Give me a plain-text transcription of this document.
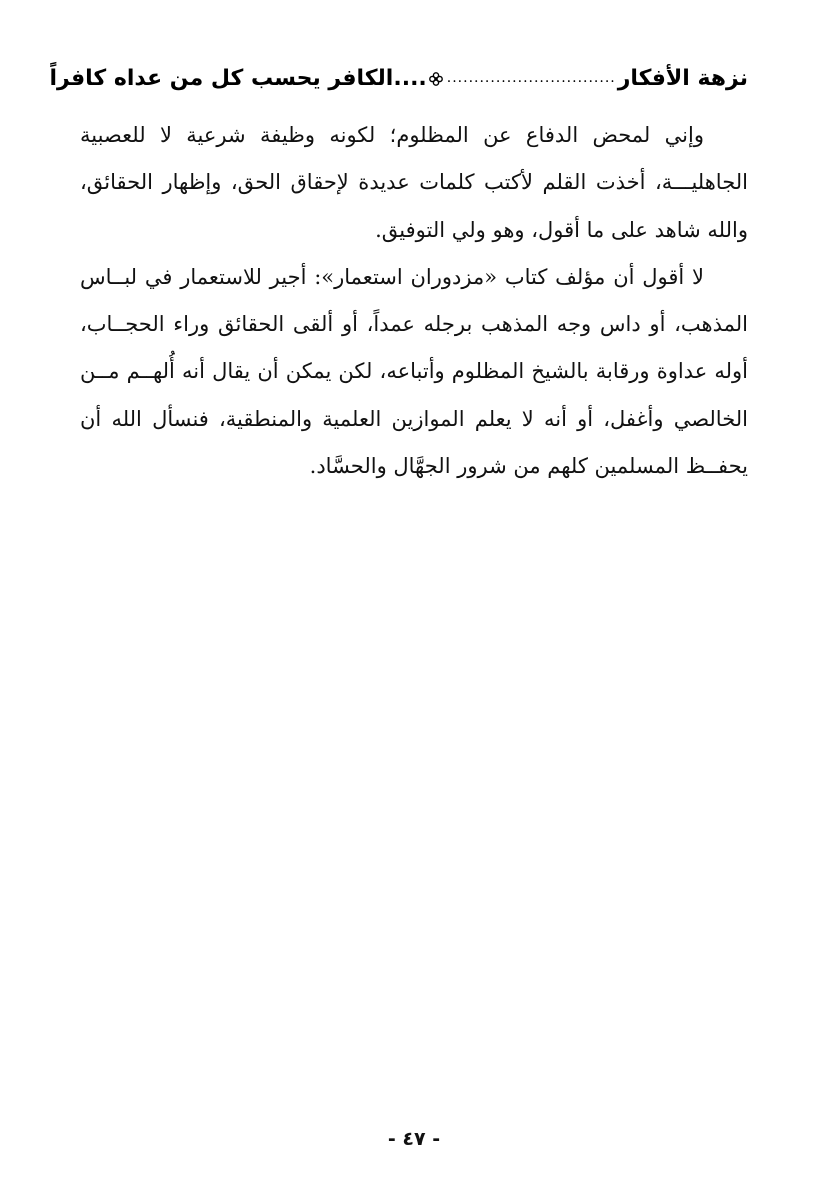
نزهة الأفكار
...............................
....الكافر يحسب كل من عداه كافراً

وإني لمحض الدفاع عن المظلوم؛ لكونه وظيفة شرعية لا للعصبية الجاهليـــة، أخذت القلم لأكتب كلمات عديدة لإحقاق الحق، وإظهار الحقائق، والله شاهد على ما أقول، وهو ولي التوفيق.

لا أقول أن مؤلف كتاب «مزدوران استعمار»: أجير للاستعمار في لبــاس المذهب، أو داس وجه المذهب برجله عمداً، أو ألقى الحقائق وراء الحجــاب، أوله عداوة ورقابة بالشيخ المظلوم وأتباعه، لكن يمكن أن يقال أنه أُلهــم مــن الخالصي وأغفل، أو أنه لا يعلم الموازين العلمية والمنطقية، فنسأل الله أن يحفــظ المسلمين كلهم من شرور الجهَّال والحسَّاد.

- ٤٧ -
